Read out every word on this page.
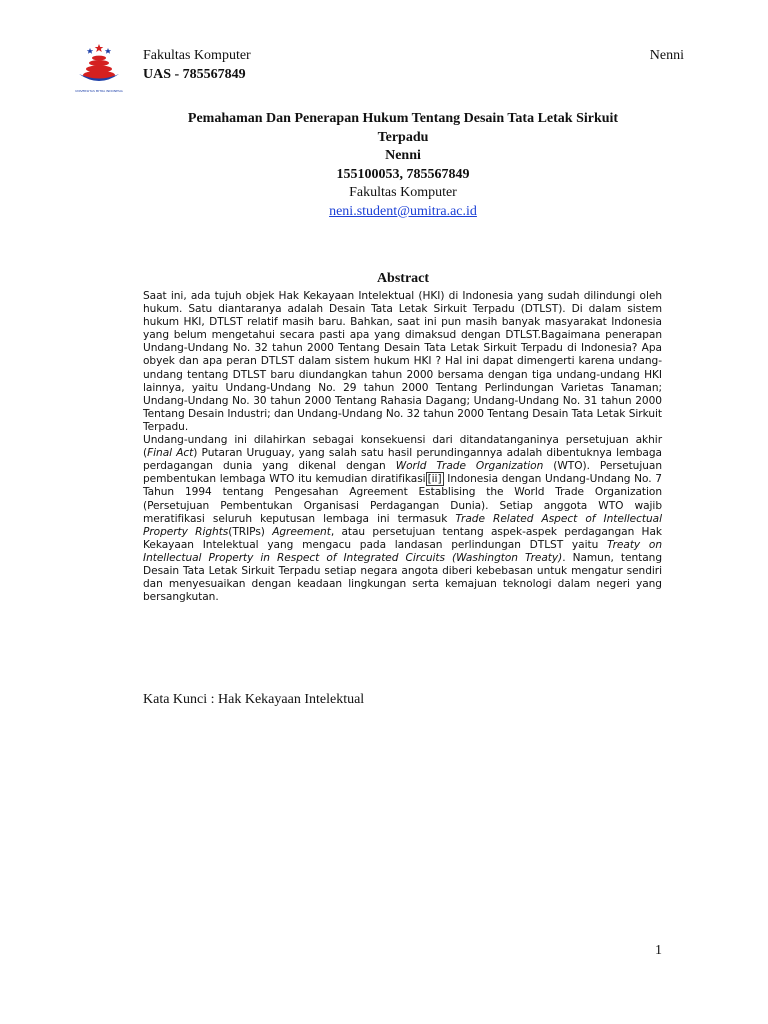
UNIVERSITAS MITRA INDONESIA
Fakultas Komputer
UAS - 785567849
Nenni
Pemahaman Dan Penerapan Hukum Tentang Desain Tata Letak Sirkuit
Terpadu
Nenni
155100053, 785567849
Fakultas Komputer
neni.student@umitra.ac.id
Abstract

Saat ini, ada tujuh objek Hak Kekayaan Intelektual (HKI) di Indonesia yang sudah dilindungi oleh hukum. Satu diantaranya adalah Desain Tata Letak Sirkuit Terpadu (DTLST). Di dalam sistem hukum HKI, DTLST relatif masih baru. Bahkan, saat ini pun masih banyak masyarakat Indonesia yang belum mengetahui secara pasti apa yang dimaksud dengan DTLST.Bagaimana penerapan Undang-Undang No. 32 tahun 2000 Tentang Desain Tata Letak Sirkuit Terpadu di Indonesia? Apa obyek dan apa peran DTLST dalam sistem hukum HKI ? Hal ini dapat dimengerti karena undang-undang tentang DTLST baru diundangkan tahun 2000 bersama dengan tiga undang-undang HKI lainnya, yaitu Undang-Undang No. 29 tahun 2000 Tentang Perlindungan Varietas Tanaman; Undang-Undang No. 30 tahun 2000 Tentang Rahasia Dagang; Undang-Undang No. 31 tahun 2000 Tentang Desain Industri; dan Undang-Undang No. 32 tahun 2000 Tentang Desain Tata Letak Sirkuit Terpadu.

Undang-undang ini dilahirkan sebagai konsekuensi dari ditandatanganinya persetujuan akhir (Final Act) Putaran Uruguay, yang salah satu hasil perundingannya adalah dibentuknya lembaga perdagangan dunia yang dikenal dengan World Trade Organization (WTO). Persetujuan pembentukan lembaga WTO itu kemudian diratifikasi [ii] Indonesia dengan Undang-Undang No. 7 Tahun 1994 tentang Pengesahan Agreement Establising the World Trade Organization (Persetujuan Pembentukan Organisasi Perdagangan Dunia). Setiap anggota WTO wajib meratifikasi seluruh keputusan lembaga ini termasuk Trade Related Aspect of Intellectual Property Rights(TRIPs) Agreement, atau persetujuan tentang aspek-aspek perdagangan Hak Kekayaan Intelektual yang mengacu pada landasan perlindungan DTLST yaitu Treaty on Intellectual Property in Respect of Integrated Circuits (Washington Treaty). Namun, tentang Desain Tata Letak Sirkuit Terpadu setiap negara angota diberi kebebasan untuk mengatur sendiri dan menyesuaikan dengan keadaan lingkungan serta kemajuan teknologi dalam negeri yang bersangkutan.

Kata Kunci : Hak Kekayaan Intelektual
1
